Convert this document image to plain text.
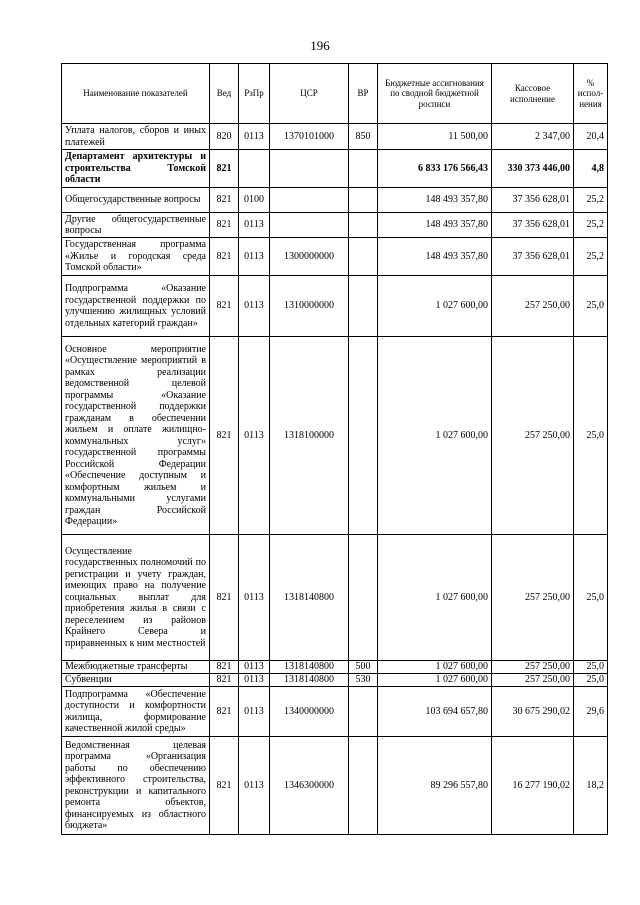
196
Наименование показателей	Вед	РзПр	ЦСР	ВР	Бюджетные ассигнования по сводной бюджетной росписи	Кассовое исполнение	% испол-нения
Уплата налогов, сборов и иных платежей	820	0113	1370101000	850	11 500,00	2 347,00	20,4
Департамент архитектуры и строительства Томской области	821				6 833 176 566,43	330 373 446,00	4,8
Общегосударственные вопросы	821	0100			148 493 357,80	37 356 628,01	25,2
Другие общегосударственные вопросы	821	0113			148 493 357,80	37 356 628,01	25,2
Государственная программа «Жилье и городская среда Томской области»	821	0113	1300000000		148 493 357,80	37 356 628,01	25,2
Подпрограмма «Оказание государственной поддержки по улучшению жилищных условий отдельных категорий граждан»	821	0113	1310000000		1 027 600,00	257 250,00	25,0
Основное мероприятие «Осуществление мероприятий в рамках реализации ведомственной целевой программы «Оказание государственной поддержки гражданам в обеспечении жильем и оплате жилищно-коммунальных услуг» государственной программы Российской Федерации «Обеспечение доступным и комфортным жильем и коммунальными услугами граждан Российской Федерации»	821	0113	1318100000		1 027 600,00	257 250,00	25,0
Осуществление государственных полномочий по регистрации и учету граждан, имеющих право на получение социальных выплат для приобретения жилья в связи с переселением из районов Крайнего Севера и приравненных к ним местностей	821	0113	1318140800		1 027 600,00	257 250,00	25,0
Межбюджетные трансферты	821	0113	1318140800	500	1 027 600,00	257 250,00	25,0
Субвенции	821	0113	1318140800	530	1 027 600,00	257 250,00	25,0
Подпрограмма «Обеспечение доступности и комфортности жилища, формирование качественной жилой среды»	821	0113	1340000000		103 694 657,80	30 675 290,02	29,6
Ведомственная целевая программа «Организация работы по обеспечению эффективного строительства, реконструкции и капитального ремонта объектов, финансируемых из областного бюджета»	821	0113	1346300000		89 296 557,80	16 277 190,02	18,2
